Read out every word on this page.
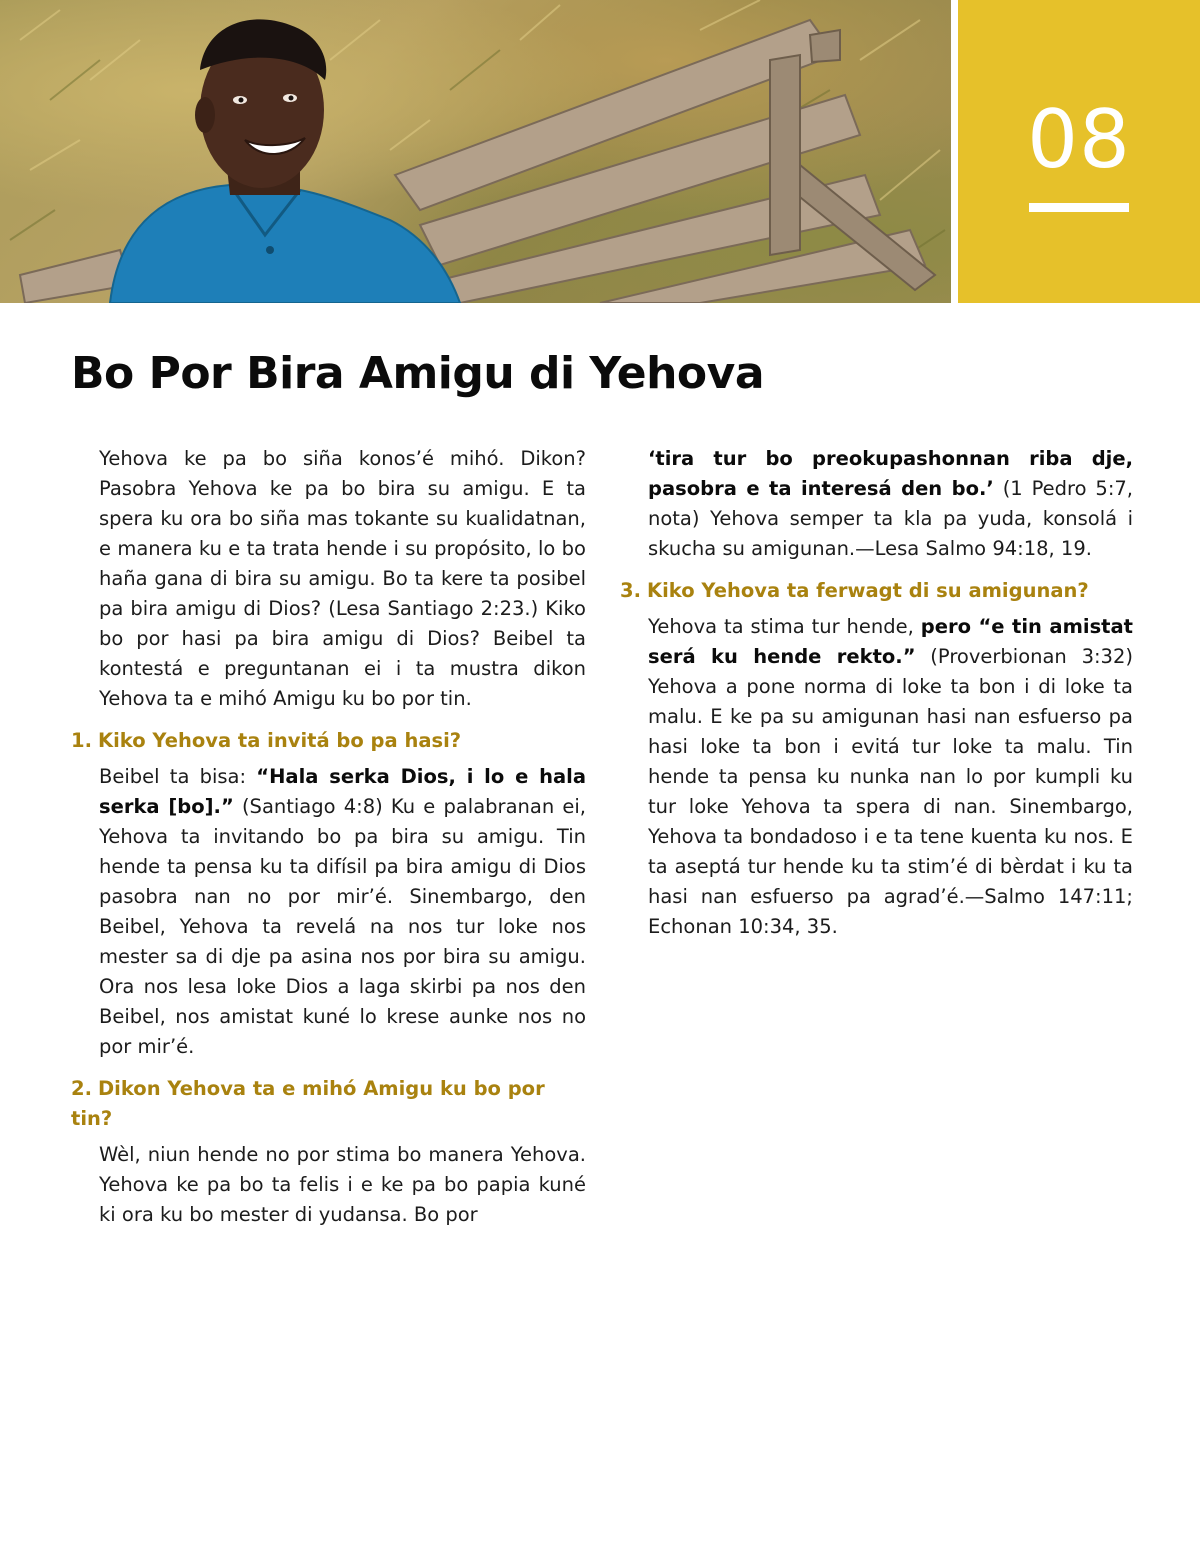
08
Bo Por Bira Amigu di Yehova

Yehova ke pa bo siña konos’é mihó. Dikon? Pasobra Yehova ke pa bo bira su amigu. E ta spera ku ora bo siña mas tokante su kualidatnan, e manera ku e ta trata hende i su propósito, lo bo haña gana di bira su amigu. Bo ta kere ta posibel pa bira amigu di Dios? (Lesa Santiago 2:23.) Kiko bo por hasi pa bira amigu di Dios? Beibel ta kontestá e preguntanan ei i ta mustra dikon Yehova ta e mihó Amigu ku bo por tin.

1. Kiko Yehova ta invitá bo pa hasi?

Beibel ta bisa: “Hala serka Dios, i lo e hala serka [bo].” (Santiago 4:8) Ku e palabranan ei, Yehova ta invitando bo pa bira su amigu. Tin hende ta pensa ku ta difísil pa bira amigu di Dios pasobra nan no por mir’é. Sinembargo, den Beibel, Yehova ta revelá na nos tur loke nos mester sa di dje pa asina nos por bira su amigu. Ora nos lesa loke Dios a laga skirbi pa nos den Beibel, nos amistat kuné lo krese aunke nos no por mir’é.

2. Dikon Yehova ta e mihó Amigu ku bo por tin?

Wèl, niun hende no por stima bo manera Yehova. Yehova ke pa bo ta felis i e ke pa bo papia kuné ki ora ku bo mester di yudansa. Bo por

‘tira tur bo preokupashonnan riba dje, pasobra e ta interesá den bo.’ (1 Pedro 5:7, nota) Yehova semper ta kla pa yuda, konsolá i skucha su amigunan.—Lesa Salmo 94:18, 19.

3. Kiko Yehova ta ferwagt di su amigunan?

Yehova ta stima tur hende, pero “e tin amistat será ku hende rekto.” (Proverbionan 3:32) Yehova a pone norma di loke ta bon i di loke ta malu. E ke pa su amigunan hasi nan esfuerso pa hasi loke ta bon i evitá tur loke ta malu. Tin hende ta pensa ku nunka nan lo por kumpli ku tur loke Yehova ta spera di nan. Sinembargo, Yehova ta bondadoso i e ta tene kuenta ku nos. E ta aseptá tur hende ku ta stim’é di bèrdat i ku ta hasi nan esfuerso pa agrad’é.—Salmo 147:11; Echonan 10:34, 35.
